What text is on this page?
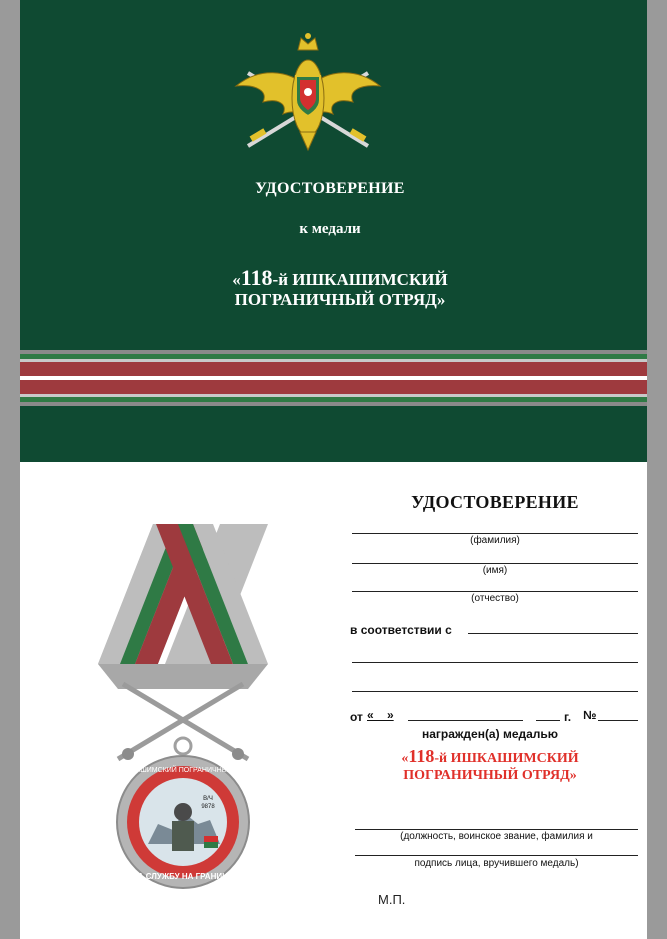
УДОСТОВЕРЕНИЕ
к медали
«118-й ИШКАШИМСКИЙ
ПОГРАНИЧНЫЙ ОТРЯД»
118 ИШКАШИМСКИЙ ПОГРАНИЧНЫЙ ОТРЯД
ЗА СЛУЖБУ НА ГРАНИЦЕ
В/Ч
9878
УДОСТОВЕРЕНИЕ
(фамилия)
(имя)
(отчество)
в соответствии с
от «    »	г. №
награжден(а) медалью
«118-й ИШКАШИМСКИЙ
ПОГРАНИЧНЫЙ ОТРЯД»
(должность, воинское звание, фамилия и
подпись лица, вручившего медаль)
М.П.
